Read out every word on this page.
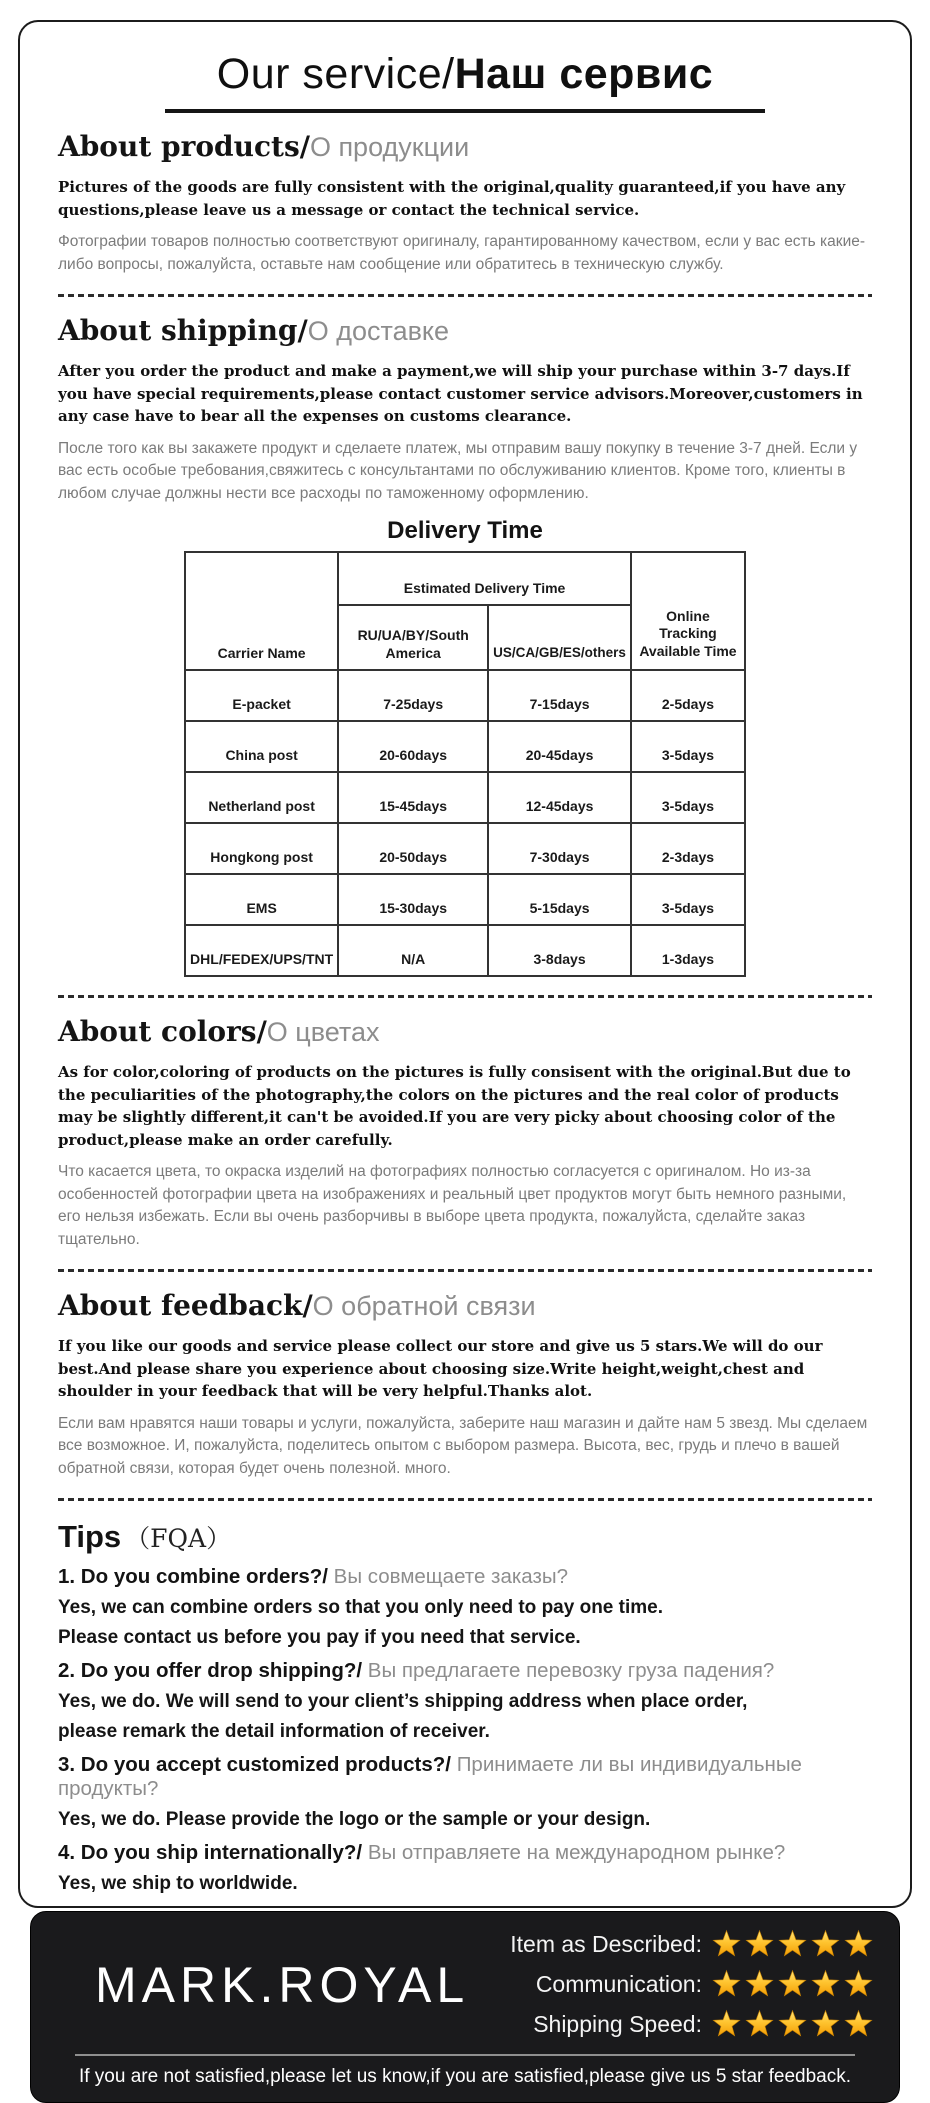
Our service/Наш сервис
About products/О продукции

Pictures of the goods are fully consistent with the original,quality guaranteed,if you have any questions,please leave us a message or contact the technical service.

Фотографии товаров полностью соответствуют оригиналу, гарантированному качеством, если у вас есть какие-либо вопросы, пожалуйста, оставьте нам сообщение или обратитесь в техническую службу.

About shipping/О доставке

After you order the product and make a payment,we will ship your purchase within 3-7 days.If you have special requirements,please contact customer service advisors.Moreover,customers in any case have to bear all the expenses on customs clearance.

После того как вы закажете продукт и сделаете платеж, мы отправим вашу покупку в течение 3-7 дней. Если у вас есть особые требования,свяжитесь с консультантами по обслуживанию клиентов. Кроме того, клиенты в любом случае должны нести все расходы по таможенному оформлению.

Delivery Time
Carrier Name	Estimated Delivery Time		Online Tracking Available Time
	RU/UA/BY/South America	US/CA/GB/ES/others	
E-packet	7-25days	7-15days	2-5days
China post	20-60days	20-45days	3-5days
Netherland post	15-45days	12-45days	3-5days
Hongkong post	20-50days	7-30days	2-3days
EMS	15-30days	5-15days	3-5days
DHL/FEDEX/UPS/TNT	N/A	3-8days	1-3days
About colors/О цветах

As for color,coloring of products on the pictures is fully consisent with the original.But due to the peculiarities of the photography,the colors on the pictures and the real color of products may be slightly different,it can't be avoided.If you are very picky about choosing color of the product,please make an order carefully.

Что касается цвета, то окраска изделий на фотографиях полностью согласуется с оригиналом. Но из-за особенностей фотографии цвета на изображениях и реальный цвет продуктов могут быть немного разными, его нельзя избежать. Если вы очень разборчивы в выборе цвета продукта, пожалуйста, сделайте заказ тщательно.

About feedback/О обратной связи

If you like our goods and service please collect our store and give us 5 stars.We will do our best.And please share you experience about choosing size.Write height,weight,chest and shoulder in your feedback that will be very helpful.Thanks alot.

Если вам нравятся наши товары и услуги, пожалуйста, заберите наш магазин и дайте нам 5 звезд. Мы сделаем все возможное. И, пожалуйста, поделитесь опытом с выбором размера. Высота, вес, грудь и плечо в вашей обратной связи, которая будет очень полезной. много.

Tips （FQA）

1. Do you combine orders?/ Вы совмещаете заказы?

Yes, we can combine orders so that you only need to pay one time.

Please contact us before you pay if you need that service.

2. Do you offer drop shipping?/ Вы предлагаете перевозку груза падения?

Yes, we do. We will send to your client’s shipping address when place order,

please remark the detail information of receiver.

3. Do you accept customized products?/ Принимаете ли вы индивидуальные продукты?

Yes, we do. Please provide the logo or the sample or your design.

4. Do you ship internationally?/ Вы отправляете на международном рынке?

Yes, we ship to worldwide.

MARK.ROYAL
Item as Described:
Communication:
Shipping Speed:
If you are not satisfied,please let us know,if you are satisfied,please give us 5 star feedback.
